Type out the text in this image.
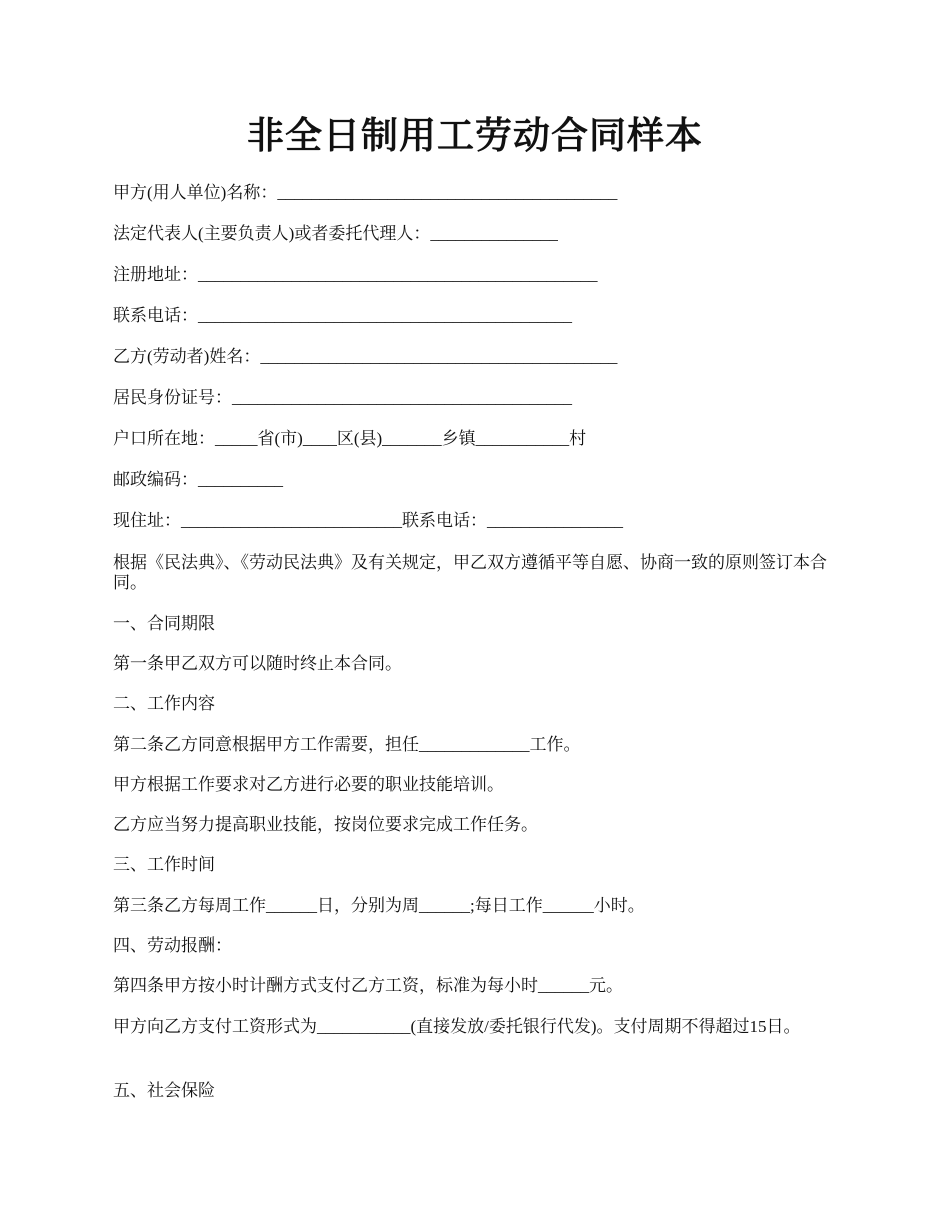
非全日制用工劳动合同样本
甲方(用人单位)名称：________________________________________
法定代表人(主要负责人)或者委托代理人：_______________
注册地址：_______________________________________________
联系电话：____________________________________________
乙方(劳动者)姓名：__________________________________________
居民身份证号：________________________________________
户口所在地：_____省(市)____区(县)_______乡镇___________村
邮政编码：__________
现住址：__________________________联系电话：________________
根据《民法典》、《劳动民法典》及有关规定，甲乙双方遵循平等自愿、协商一致的原则签订本合同。
一、合同期限
第一条甲乙双方可以随时终止本合同。
二、工作内容
第二条乙方同意根据甲方工作需要，担任_____________工作。
甲方根据工作要求对乙方进行必要的职业技能培训。
乙方应当努力提高职业技能，按岗位要求完成工作任务。
三、工作时间
第三条乙方每周工作______日，分别为周______;每日工作______小时。
四、劳动报酬：
第四条甲方按小时计酬方式支付乙方工资，标准为每小时______元。
甲方向乙方支付工资形式为___________(直接发放/委托银行代发)。支付周期不得超过15日。
五、社会保险
